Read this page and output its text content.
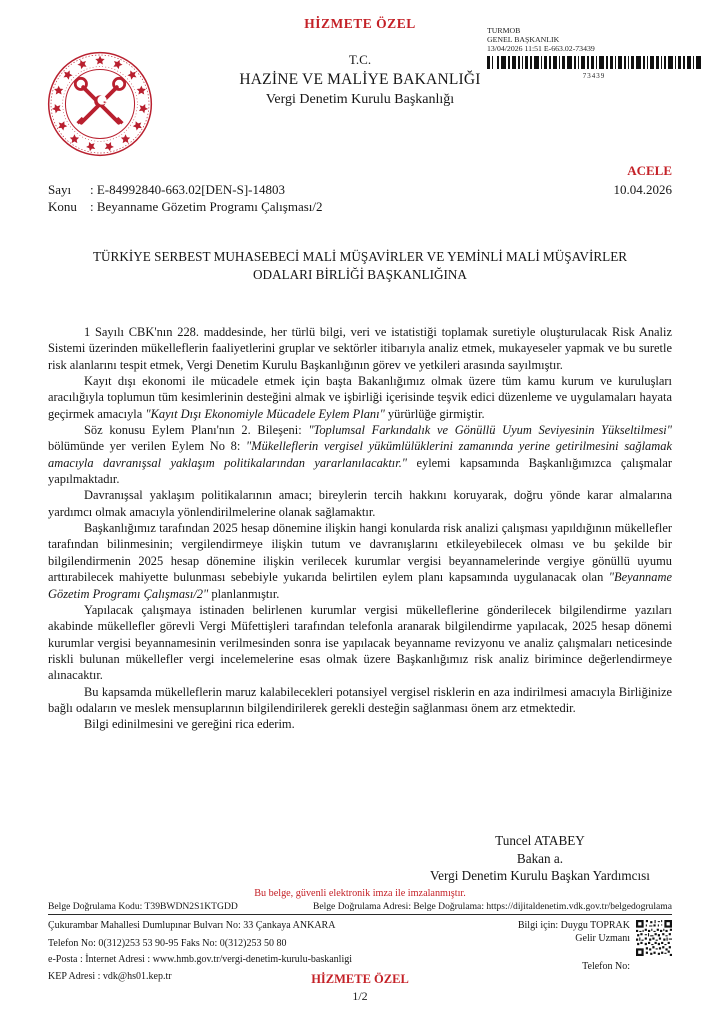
HİZMETE ÖZEL	TURMOB
GENEL BAŞKANLIK
13/04/2026 11:51 E-663.02-73439
73439
T.C.
HAZİNE VE MALİYE BAKANLIĞI
Vergi Denetim Kurulu Başkanlığı
ACELE
Sayı : E-84992840-663.02[DEN-S]-14803	10.04.2026
Konu : Beyanname Gözetim Programı Çalışması/2
TÜRKİYE SERBEST MUHASEBECİ MALİ MÜŞAVİRLER VE YEMİNLİ MALİ MÜŞAVİRLER
ODALARI BİRLİĞİ BAŞKANLIĞINA

1 Sayılı CBK'nın 228. maddesinde, her türlü bilgi, veri ve istatistiği toplamak suretiyle oluşturulacak Risk Analiz Sistemi üzerinden mükelleflerin faaliyetlerini gruplar ve sektörler itibarıyla analiz etmek, mukayeseler yapmak ve bu suretle risk alanlarını tespit etmek, Vergi Denetim Kurulu Başkanlığının görev ve yetkileri arasında sayılmıştır.

Kayıt dışı ekonomi ile mücadele etmek için başta Bakanlığımız olmak üzere tüm kamu kurum ve kuruluşları aracılığıyla toplumun tüm kesimlerinin desteğini almak ve işbirliği içerisinde teşvik edici düzenleme ve uygulamaları hayata geçirmek amacıyla "Kayıt Dışı Ekonomiyle Mücadele Eylem Planı" yürürlüğe girmiştir.

Söz konusu Eylem Planı'nın 2. Bileşeni: "Toplumsal Farkındalık ve Gönüllü Uyum Seviyesinin Yükseltilmesi" bölümünde yer verilen Eylem No 8: "Mükelleflerin vergisel yükümlülüklerini zamanında yerine getirilmesini sağlamak amacıyla davranışsal yaklaşım politikalarından yararlanılacaktır." eylemi kapsamında Başkanlığımızca çalışmalar yapılmaktadır.

Davranışsal yaklaşım politikalarının amacı; bireylerin tercih hakkını koruyarak, doğru yönde karar almalarına yardımcı olmak amacıyla yönlendirilmelerine olanak sağlamaktır.

Başkanlığımız tarafından 2025 hesap dönemine ilişkin hangi konularda risk analizi çalışması yapıldığının mükellefler tarafından bilinmesinin; vergilendirmeye ilişkin tutum ve davranışlarını etkileyebilecek olması ve bu şekilde bir bilgilendirmenin 2025 hesap dönemine ilişkin verilecek kurumlar vergisi beyannamelerinde vergiye gönüllü uyumu arttırabilecek mahiyette bulunması sebebiyle yukarıda belirtilen eylem planı kapsamında uygulanacak olan "Beyanname Gözetim Programı Çalışması/2" planlanmıştır.

Yapılacak çalışmaya istinaden belirlenen kurumlar vergisi mükelleflerine gönderilecek bilgilendirme yazıları akabinde mükellefler görevli Vergi Müfettişleri tarafından telefonla aranarak bilgilendirme yapılacak, 2025 hesap dönemi kurumlar vergisi beyannamesinin verilmesinden sonra ise yapılacak beyanname revizyonu ve analiz çalışmaları neticesinde riskli bulunan mükellefler vergi incelemelerine esas olmak üzere Başkanlığımız risk analiz birimince değerlendirmeye alınacaktır.

Bu kapsamda mükelleflerin maruz kalabilecekleri potansiyel vergisel risklerin en aza indirilmesi amacıyla Birliğinize bağlı odaların ve meslek mensuplarının bilgilendirilerek gerekli desteğin sağlanması önem arz etmektedir.

Bilgi edinilmesini ve gereğini rica ederim.

Tuncel ATABEY
Bakan a.
Vergi Denetim Kurulu Başkan Yardımcısı
Bu belge, güvenli elektronik imza ile imzalanmıştır.
Belge Doğrulama Kodu: T39BWDN2S1KTGDD	Belge Doğrulama Adresi: Belge Doğrulama: https://dijitaldenetim.vdk.gov.tr/belgedogrulama
Çukurambar Mahallesi Dumlupınar Bulvarı No: 33 Çankaya ANKARA
Telefon No: 0(312)253 53 90-95 Faks No: 0(312)253 50 80
e-Posta : İnternet Adresi : www.hmb.gov.tr/vergi-denetim-kurulu-baskanligi
KEP Adresi : vdk@hs01.kep.tr
Bilgi için: Duygu TOPRAK
Gelir Uzmanı
Telefon No:
HİZMETE ÖZEL
1/2
